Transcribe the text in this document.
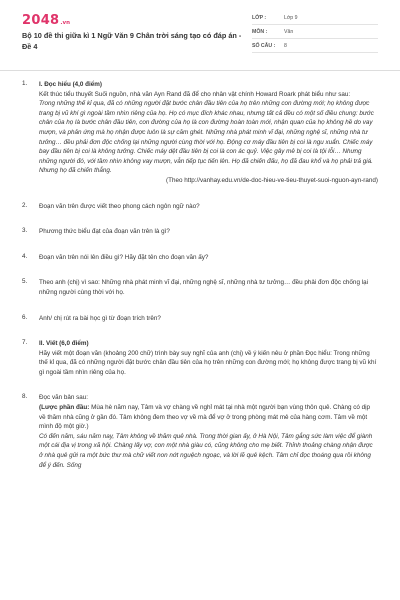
2048 .vn
Bộ 10 đề thi giữa kì 1 Ngữ Văn 9 Chân trời sáng tạo có đáp án - Đề 4
LỚP :	Lớp 9
MÔN :	Văn
SỐ CÂU :	8
1.	I. Đọc hiểu (4,0 điểm)
Kết thúc tiểu thuyết Suối nguồn, nhà văn Ayn Rand đã để cho nhân vật chính Howard Roark phát biểu như sau:
Trong những thế kỉ qua, đã có những người đặt bước chân đầu tiên của họ trên những con đường mới; họ không được trang bị vũ khí gì ngoài tầm nhìn riêng của họ. Họ có mục đích khác nhau, nhưng tất cả đều có một số điều chung: bước chân của họ là bước chân đầu tiên, con đường của họ là con đường hoàn toàn mới, nhận quan của họ không hề do vay mượn, và phản ứng mà họ nhận được luôn là sự căm ghét. Những nhà phát minh vĩ đại, những nghệ sĩ, những nhà tư tưởng… đều phải đơn độc chống lại những người cùng thời với họ. Động cơ máy đầu tiên bị coi là ngu xuẩn. Chiếc máy bay đầu tiên bị coi là không tưởng. Chiếc máy dệt đầu tiên bị coi là con ác quỷ. Việc gây mê bị coi là tội lỗi… Nhưng những người đó, với tầm nhìn không vay mượn, vẫn tiếp tục tiến lên. Họ đã chiến đấu, họ đã đau khổ và họ phải trả giá. Nhưng họ đã chiến thắng.
(Theo http://vanhay.edu.vn/de-doc-hieu-ve-tieu-thuyet-suoi-nguon-ayn-rand)
2.	Đoạn văn trên được viết theo phong cách ngôn ngữ nào?
3.	Phương thức biểu đạt của đoạn văn trên là gì?
4.	Đoạn văn trên nói lên điều gì? Hãy đặt tên cho đoạn văn ấy?
5.	Theo anh (chị) vì sao: Những nhà phát minh vĩ đại, những nghệ sĩ, những nhà tư tưởng… đều phải đơn độc chống lại những người cùng thời với họ.
6.	Anh/ chị rút ra bài học gì từ đoạn trích trên?
7.	II. Viết (6,0 điểm)
Hãy viết một đoạn văn (khoảng 200 chữ) trình bày suy nghĩ của anh (chị) về ý kiến nêu ở phần Đọc hiểu: Trong những thế kỉ qua, đã có những người đặt bước chân đầu tiên của họ trên những con đường mới; họ không được trang bị vũ khí gì ngoài tầm nhìn riêng của họ.
8.	Đọc văn bản sau:
(Lược phần đầu: Mùa hè năm nay, Tâm và vợ chàng về nghỉ mát tại nhà một người bạn vùng thôn quê. Chàng có dịp về thăm nhà cũng ở gần đó. Tâm không đem theo vợ về mà để vợ ở trong phòng mát mẻ của hàng cơm. Tâm về một mình độ một giờ.)
Có đến năm, sáu năm nay, Tâm không về thăm quê nhà. Trong thời gian ấy, ở Hà Nội, Tâm gắng sức làm việc để giành một cái địa vị trong xã hội. Chàng lấy vợ, con một nhà giàu có, cũng không cho mẹ biết. Thỉnh thoảng chàng nhận được ở nhà quê gửi ra một bức thư mà chữ viết non nớt nguệch ngoạc, và lời lẽ quê kệch. Tâm chỉ đọc thoáng qua rồi không để ý đến. Sống
